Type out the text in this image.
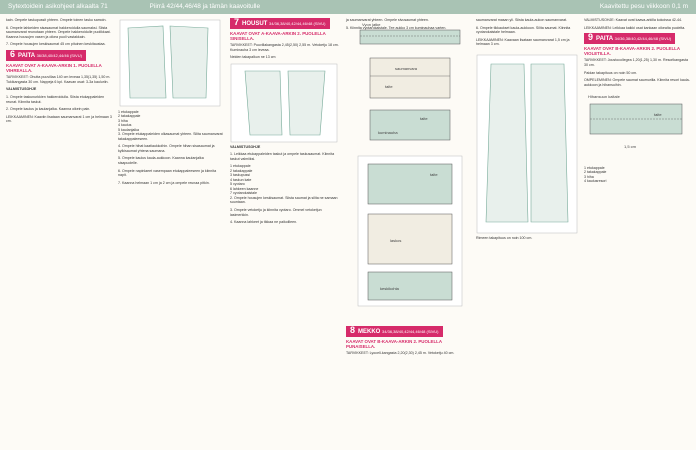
Sytextoidein asikohjeet alkaalta 71	Piirrä 42/44,46/48 ja tämän kaavoitulle	Kaavitettu pesu viikkoon 0,1 m

kain. Ompele taskupussit yhteen. Ompele toinen tasku samoin.

6. Ompele lahkeiden sisasaumat hakkeroidulla saumaksi. Siista saumanvarat reunotaan yhteen. Ompele hakkeroidulle puolikkaat. Kaanna housujen vasen ja oikea puoli vastakkain.

7. Ompele housujen keskisaumat 45 cm pituinen keskitaustaa.

6 PAITA 36/38,40/42,44/46 (SIVU)
KAAVAT OVAT A-KAAVA-ARKIN 1. PUOLELLA VIHREALLA.

TARVIKKEET: Ohutta puuvillaa 140 cm leveaa 1,35(1,35) 1,50 m. Tukikangasta 30 cm. Nappeja 6 kpl. Kaavan osat: 3-3a kauluriin.

VALMISTUSOHJE

1. Ompele taskunurkkien hakkeroidulla. Siista etukappaleiden reunat. Kiinnita taskut.

2. Ompele kaulus ja kaulanjalka. Kaanna oikein pain.

LEIKKAAMINEN: Kaaviin lisataan saumanvarat 1 cm ja helmaan 3 cm.

1 etukappale
2 takakappale
3 hiha
4 kaulus
5 kaulanjalka

3. Ompele etukappaleiden olkasaumat yhteen. Silita saumanvarat takakappaleeseen.

4. Ompele hihat kaatiaukkoihin. Ompele hihan sisasaumat ja kylkisaumat yhtena saumana.

5. Ompele kaulus kaula-aukkoon. Kaanna kaulanjalka sisapuolelle.

6. Ompele napinlaeet vasempaan etukappaleeseen ja kiinnita napit.

7. Kaanna helmaan 1 cm ja 2 cm ja ompele reunaa pitkin.

7 HOUSUT 34/36,38/40,42/44,46/48 (SIVU)
KAAVAT OVAT A-KAAVA-ARKIN 2. PUOLELLA SINISELLA.

TARVIKKEET: Puuvillakangasta 2,45(2,50) 2,55 m. Vetoketju 18 cm. Kuminauha 3 cm leveaa.

Neiden takapalkun ne 13 cm

VALMISTUSOHJE

1. Leikkaa etukappaleiden taskut ja ompele taskusaumat. Kiinnita taskut valmiiksi.

1 etukappale
2 takakappale
3 taskupussi
4 taskun kate
5 vyotaro
6 lahkeen kaanne
7 vyotarokaistale

2. Ompele housujen keskisaumat. Siista saumat ja silita ne samaan suuntaan.

3. Ompele vetoketju ja kiinnita vyotaro. Ommel vetoketjun lasimerkkin.

4. Kaanna lahkeet ja tikkaa ne paikoilleen.

ja saumanvarat yhteen. Ompele sivusaumat yhteen.

5. Kiinnita vyotarokaistale. Tee aukko 3 cm kuminauhaa varten.

Vyon jatke
saumanvara
taite
taite
kuminauha
taite
laskos
keskikohta
8 MEKKO 34/36,38/40,42/44,46/48 (SIVU)
KAAVAT OVAT B-KAAVA-ARKIN 2. PUOLELLA PUNAISELLA.

TARVIKKEET: Lyocell-kangasta 2,20(2,30) 2,45 m. Vetoketju 40 cm.

saumanvarat masan yli. Siista kaula-aukon saumanvarat.

6. Ompele tikkaukset kaula-aukkoon. Silita saumat. Kiinnita vyotarokaistale helmaan.

LEIKKAAMINEN: Kaavaan lisataan saumanvarat 1,5 cm ja helmaan 3 cm.

Rimeen takapituus on noin 100 cm.

VALMISTUSOHJE: Kaavat ovat kaava-arkilla kokoissa 42-44.

LEIKKAAMINEN: Leikkaa kaikki osat kankaan oikealta puolelta.

9 PAITA 34/36,38/40,42/44,46/48 (SIVU)
KAAVAT OVAT B-KAAVA-ARKIN 2. PUOLELLA VIOLETILLA.

TARVIKKEET: Joustocollegea 1,20(1,25) 1,30 m. Resorikangasta 30 cm.

Paidan takapituus on noin 50 cm.

OMPELEMINEN: Ompele saumat saumurilla. Kiinnita resori kaula-aukkoon ja hihansuihin.

Hihansuun kaitale
taite
1,5 cm
1 etukappale
2 takakappale
3 hiha
4 kaulusresori
